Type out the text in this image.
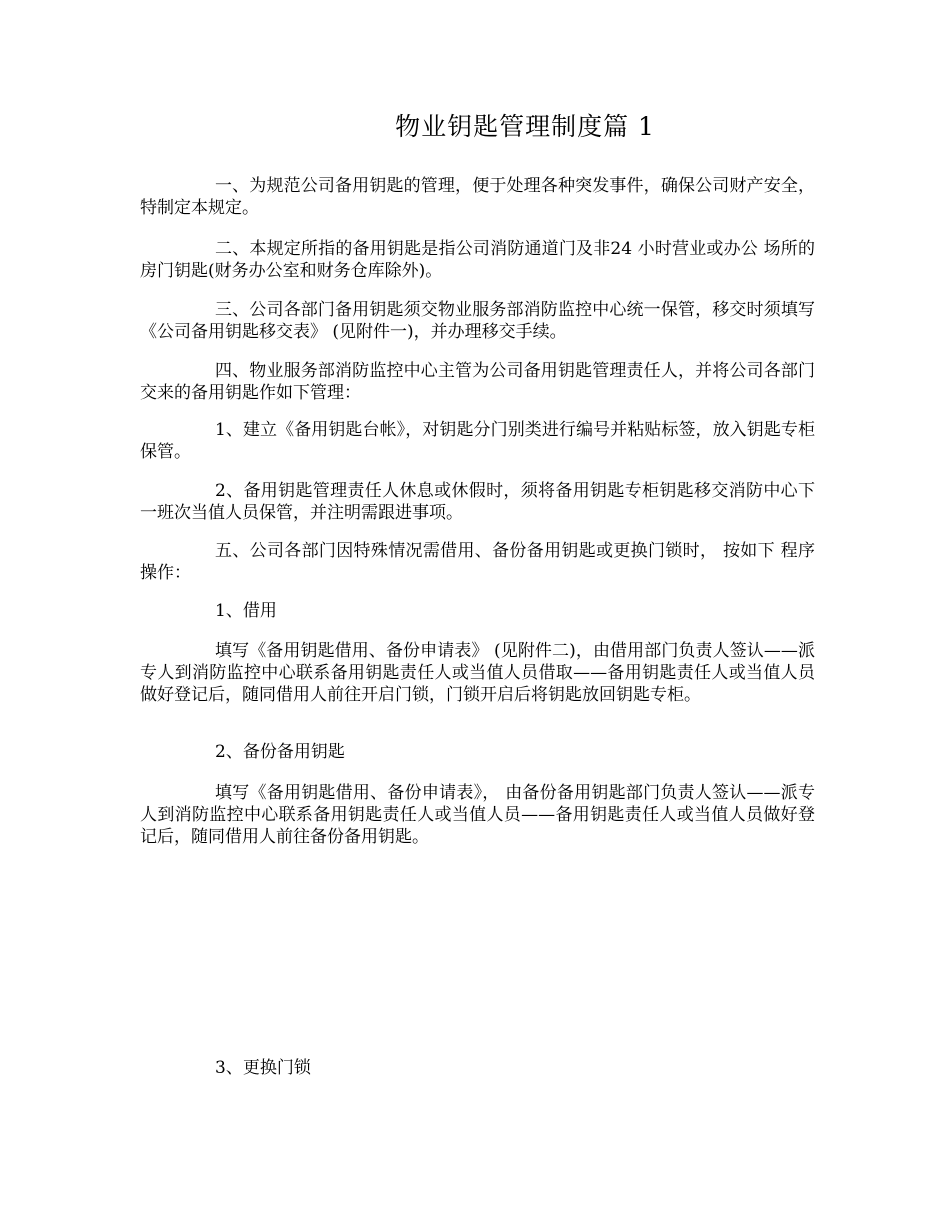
物业钥匙管理制度篇 1
一、为规范公司备用钥匙的管理，便于处理各种突发事件，确保公司财产安全，特制定本规定。
二、本规定所指的备用钥匙是指公司消防通道门及非24 小时营业或办公 场所的房门钥匙(财务办公室和财务仓库除外)。
三、公司各部门备用钥匙须交物业服务部消防监控中心统一保管，移交时须填写《公司备用钥匙移交表》 (见附件一)，并办理移交手续。
四、物业服务部消防监控中心主管为公司备用钥匙管理责任人，并将公司各部门交来的备用钥匙作如下管理：
1、建立《备用钥匙台帐》，对钥匙分门别类进行编号并粘贴标签，放入钥匙专柜保管。
2、备用钥匙管理责任人休息或休假时，须将备用钥匙专柜钥匙移交消防中心下一班次当值人员保管，并注明需跟进事项。
五、公司各部门因特殊情况需借用、备份备用钥匙或更换门锁时， 按如下 程序操作：
1、借用
填写《备用钥匙借用、备份申请表》 (见附件二)，由借用部门负责人签认——派专人到消防监控中心联系备用钥匙责任人或当值人员借取——备用钥匙责任人或当值人员做好登记后，随同借用人前往开启门锁，门锁开启后将钥匙放回钥匙专柜。
2、备份备用钥匙
填写《备用钥匙借用、备份申请表》， 由备份备用钥匙部门负责人签认——派专人到消防监控中心联系备用钥匙责任人或当值人员——备用钥匙责任人或当值人员做好登记后，随同借用人前往备份备用钥匙。
3、更换门锁
